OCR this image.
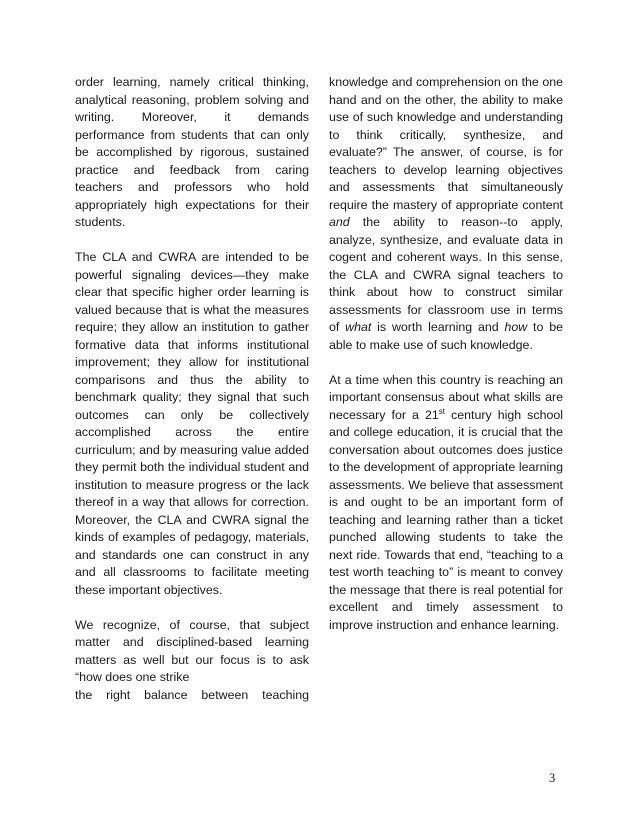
order learning, namely critical thinking, analytical reasoning, problem solving and writing. Moreover, it demands performance from students that can only be accomplished by rigorous, sustained practice and feedback from caring teachers and professors who hold appropriately high expectations for their students.

The CLA and CWRA are intended to be powerful signaling devices—they make clear that specific higher order learning is valued because that is what the measures require; they allow an institution to gather formative data that informs institutional improvement; they allow for institutional comparisons and thus the ability to benchmark quality; they signal that such outcomes can only be collectively accomplished across the entire curriculum; and by measuring value added they permit both the individual student and institution to measure progress or the lack thereof in a way that allows for correction. Moreover, the CLA and CWRA signal the kinds of examples of pedagogy, materials, and standards one can construct in any and all classrooms to facilitate meeting these important objectives.

We recognize, of course, that subject matter and disciplined-based learning matters as well but our focus is to ask “how does one strike
the right balance between teaching

knowledge and comprehension on the one hand and on the other, the ability to make use of such knowledge and understanding to think critically, synthesize, and evaluate?” The answer, of course, is for teachers to develop learning objectives and assessments that simultaneously require the mastery of appropriate content and the ability to reason--to apply, analyze, synthesize, and evaluate data in cogent and coherent ways. In this sense, the CLA and CWRA signal teachers to think about how to construct similar assessments for classroom use in terms of what is worth learning and how to be able to make use of such knowledge.

At a time when this country is reaching an important consensus about what skills are necessary for a 21st century high school and college education, it is crucial that the conversation about outcomes does justice to the development of appropriate learning assessments. We believe that assessment is and ought to be an important form of teaching and learning rather than a ticket punched allowing students to take the next ride. Towards that end, “teaching to a test worth teaching to” is meant to convey the message that there is real potential for excellent and timely assessment to improve instruction and enhance learning.

3
